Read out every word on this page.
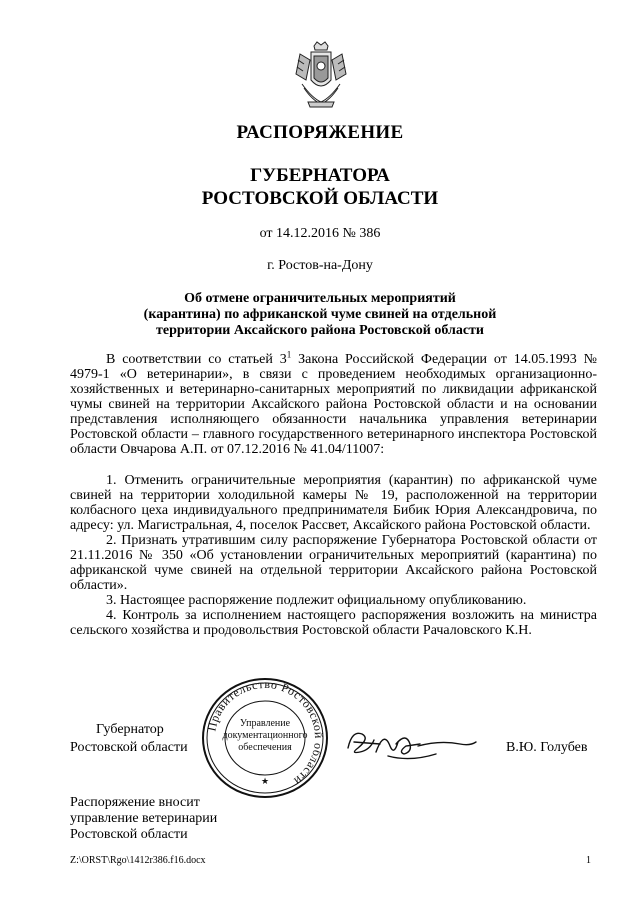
РАСПОРЯЖЕНИЕ
ГУБЕРНАТОРА
РОСТОВСКОЙ ОБЛАСТИ
от 14.12.2016 № 386
г. Ростов-на-Дону
Об отмене ограничительных мероприятий
(карантина) по африканской чуме свиней на отдельной
территории Аксайского района Ростовской области

В соответствии со статьей $3^1$ Закона Российской Федерации от 14.05.1993 № 4979-1 «О ветеринарии», в связи с проведением необходимых организационно-хозяйственных и ветеринарно-санитарных мероприятий по ликвидации африканской чумы свиней на территории Аксайского района Ростовской области и на основании представления исполняющего обязанности начальника управления ветеринарии Ростовской области – главного государственного ветеринарного инспектора Ростовской области Овчарова А.П. от 07.12.2016 № 41.04/11007:

1. Отменить ограничительные мероприятия (карантин) по африканской чуме свиней на территории холодильной камеры № 19, расположенной на территории колбасного цеха индивидуального предпринимателя Бибик Юрия Александровича, по адресу: ул. Магистральная, 4, поселок Рассвет, Аксайского района Ростовской области.

2. Признать утратившим силу распоряжение Губернатора Ростовской области от 21.11.2016 № 350 «Об установлении ограничительных мероприятий (карантина) по африканской чуме свиней на отдельной территории Аксайского района Ростовской области».

3. Настоящее распоряжение подлежит официальному опубликованию.

4. Контроль за исполнением настоящего распоряжения возложить на министра сельского хозяйства и продовольствия Ростовской области Рачаловского К.Н.

Губернатор
Ростовской области	В.Ю. Голубев
Правительство Ростовской области
Управление
документационного
обеспечения
★
Распоряжение вносит
управление ветеринарии
Ростовской области
Z:\ORST\Rgo\1412r386.f16.docx	1
